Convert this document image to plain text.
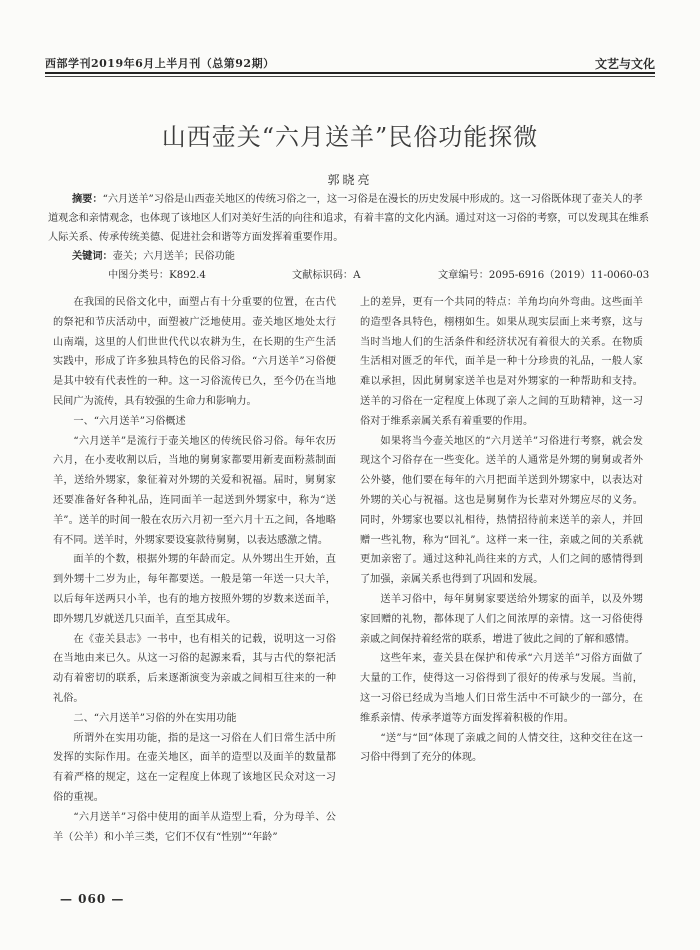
西部学刊2019年6月上半月刊（总第92期）	文艺与文化
山西壶关“六月送羊”民俗功能探微
郭晓亮

摘要：“六月送羊”习俗是山西壶关地区的传统习俗之一，这一习俗是在漫长的历史发展中形成的。这一习俗既体现了壶关人的孝道观念和亲情观念，也体现了该地区人们对美好生活的向往和追求，有着丰富的文化内涵。通过对这一习俗的考察，可以发现其在维系人际关系、传承传统美德、促进社会和谐等方面发挥着重要作用。

关键词：壶关；六月送羊；民俗功能

中图分类号：K892.4	文献标识码：A	文章编号：2095-6916（2019）11-0060-03

在我国的民俗文化中，面塑占有十分重要的位置，在古代的祭祀和节庆活动中，面塑被广泛地使用。壶关地区地处太行山南端，这里的人们世世代代以农耕为生，在长期的生产生活实践中，形成了许多独具特色的民俗习俗。“六月送羊”习俗便是其中较有代表性的一种。这一习俗流传已久，至今仍在当地民间广为流传，具有较强的生命力和影响力。

一、“六月送羊”习俗概述

“六月送羊”是流行于壶关地区的传统民俗习俗。每年农历六月，在小麦收割以后，当地的舅舅家都要用新麦面粉蒸制面羊，送给外甥家，象征着对外甥的关爱和祝福。届时，舅舅家还要准备好各种礼品，连同面羊一起送到外甥家中，称为“送羊”。送羊的时间一般在农历六月初一至六月十五之间，各地略有不同。送羊时，外甥家要设宴款待舅舅，以表达感激之情。

面羊的个数，根据外甥的年龄而定。从外甥出生开始，直到外甥十二岁为止，每年都要送。一般是第一年送一只大羊，以后每年送两只小羊，也有的地方按照外甥的岁数来送面羊，即外甥几岁就送几只面羊，直至其成年。

在《壶关县志》一书中，也有相关的记载，说明这一习俗在当地由来已久。从这一习俗的起源来看，其与古代的祭祀活动有着密切的联系，后来逐渐演变为亲戚之间相互往来的一种礼俗。

二、“六月送羊”习俗的外在实用功能

所谓外在实用功能，指的是这一习俗在人们日常生活中所发挥的实际作用。在壶关地区，面羊的造型以及面羊的数量都有着严格的规定，这在一定程度上体现了该地区民众对这一习俗的重视。

“六月送羊”习俗中使用的面羊从造型上看，分为母羊、公羊（公羊）和小羊三类，它们不仅有“性别”“年龄”

上的差异，更有一个共同的特点：羊角均向外弯曲。这些面羊的造型各具特色，栩栩如生。如果从现实层面上来考察，这与当时当地人们的生活条件和经济状况有着很大的关系。在物质生活相对匮乏的年代，面羊是一种十分珍贵的礼品，一般人家难以承担，因此舅舅家送羊也是对外甥家的一种帮助和支持。送羊的习俗在一定程度上体现了亲人之间的互助精神，这一习俗对于维系亲属关系有着重要的作用。

如果将当今壶关地区的“六月送羊”习俗进行考察，就会发现这个习俗存在一些变化。送羊的人通常是外甥的舅舅或者外公外婆，他们要在每年的六月把面羊送到外甥家中，以表达对外甥的关心与祝福。这也是舅舅作为长辈对外甥应尽的义务。同时，外甥家也要以礼相待，热情招待前来送羊的亲人，并回赠一些礼物，称为“回礼”。这样一来一往，亲戚之间的关系就更加亲密了。通过这种礼尚往来的方式，人们之间的感情得到了加强，亲属关系也得到了巩固和发展。

送羊习俗中，每年舅舅家要送给外甥家的面羊，以及外甥家回赠的礼物，都体现了人们之间浓厚的亲情。这一习俗使得亲戚之间保持着经常的联系，增进了彼此之间的了解和感情。

这些年来，壶关县在保护和传承“六月送羊”习俗方面做了大量的工作，使得这一习俗得到了很好的传承与发展。当前，这一习俗已经成为当地人们日常生活中不可缺少的一部分，在维系亲情、传承孝道等方面发挥着积极的作用。

“送”与“回”体现了亲戚之间的人情交往，这种交往在这一习俗中得到了充分的体现。

— 060 —
